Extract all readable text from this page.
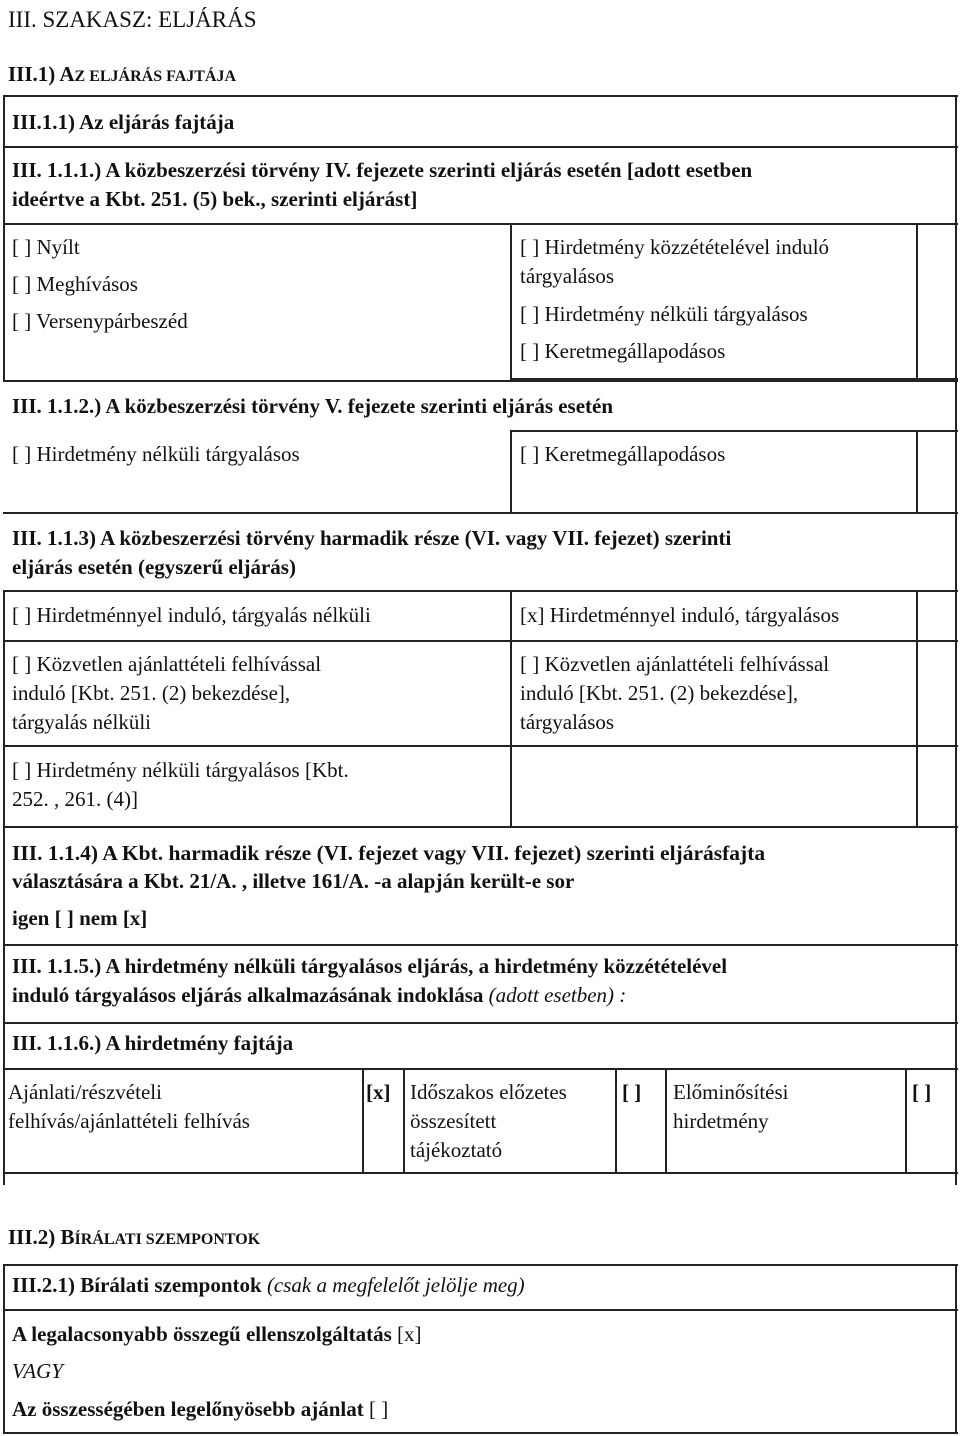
III. SZAKASZ: ELJÁRÁS
III.1) AZ ELJÁRÁS FAJTÁJA
III.1.1) Az eljárás fajtája
III. 1.1.1.) A közbeszerzési törvény IV. fejezete szerinti eljárás esetén [adott esetben
ideértve a Kbt. 251. (5) bek., szerinti eljárást]
[ ] Nyílt
[ ] Meghívásos
[ ] Versenypárbeszéd
[ ] Hirdetmény közzétételével induló
tárgyalásos
[ ] Hirdetmény nélküli tárgyalásos
[ ] Keretmegállapodásos
III. 1.1.2.) A közbeszerzési törvény V. fejezete szerinti eljárás esetén
[ ] Hirdetmény nélküli tárgyalásos	[ ] Keretmegállapodásos
III. 1.1.3) A közbeszerzési törvény harmadik része (VI. vagy VII. fejezet) szerinti
eljárás esetén (egyszerű eljárás)
[ ] Hirdetménnyel induló, tárgyalás nélküli	[x] Hirdetménnyel induló, tárgyalásos
[ ] Közvetlen ajánlattételi felhívással
induló [Kbt. 251. (2) bekezdése],
tárgyalás nélküli
[ ] Közvetlen ajánlattételi felhívással
induló [Kbt. 251. (2) bekezdése],
tárgyalásos
[ ] Hirdetmény nélküli tárgyalásos [Kbt.
252. , 261. (4)]
III. 1.1.4) A Kbt. harmadik része (VI. fejezet vagy VII. fejezet) szerinti eljárásfajta
választására a Kbt. 21/A. , illetve 161/A. -a alapján került-e sor
igen [ ] nem [x]
III. 1.1.5.) A hirdetmény nélküli tárgyalásos eljárás, a hirdetmény közzétételével
induló tárgyalásos eljárás alkalmazásának indoklása (adott esetben) :
III. 1.1.6.) A hirdetmény fajtája
Ajánlati/részvételi
felhívás/ajánlattételi felhívás
[x] Időszakos előzetes
összesített
tájékoztató
[ ] Előminősítési
hirdetmény
[ ]
III.2) BÍRÁLATI SZEMPONTOK
III.2.1) Bírálati szempontok (csak a megfelelőt jelölje meg)
A legalacsonyabb összegű ellenszolgáltatás [x]
VAGY
Az összességében legelőnyösebb ajánlat [ ]
